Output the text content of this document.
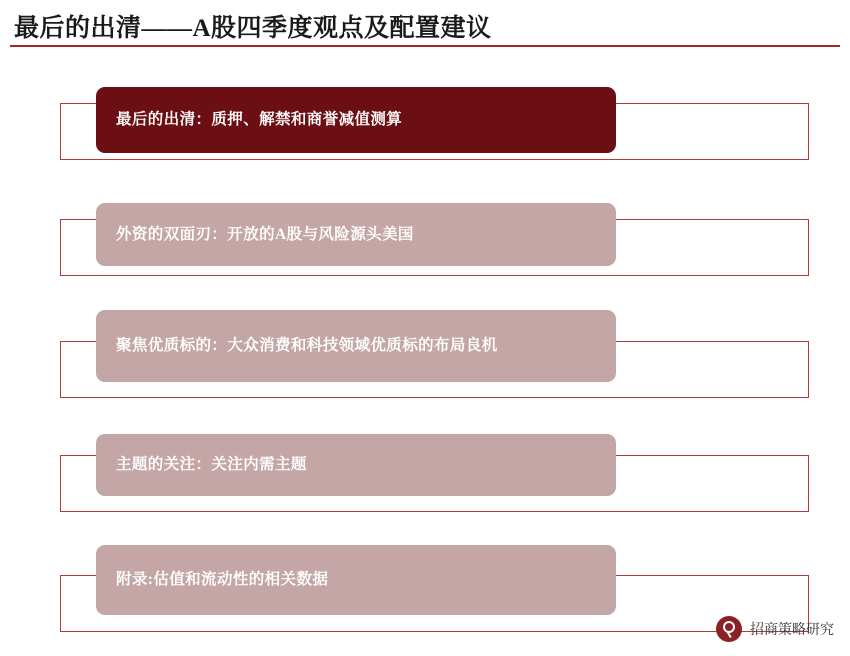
最后的出清——A股四季度观点及配置建议
最后的出清：质押、解禁和商誉减值测算
外资的双面刃：开放的A股与风险源头美国
聚焦优质标的：大众消费和科技领域优质标的布局良机
主题的关注：关注内需主题
附录:估值和流动性的相关数据
招商策略研究
